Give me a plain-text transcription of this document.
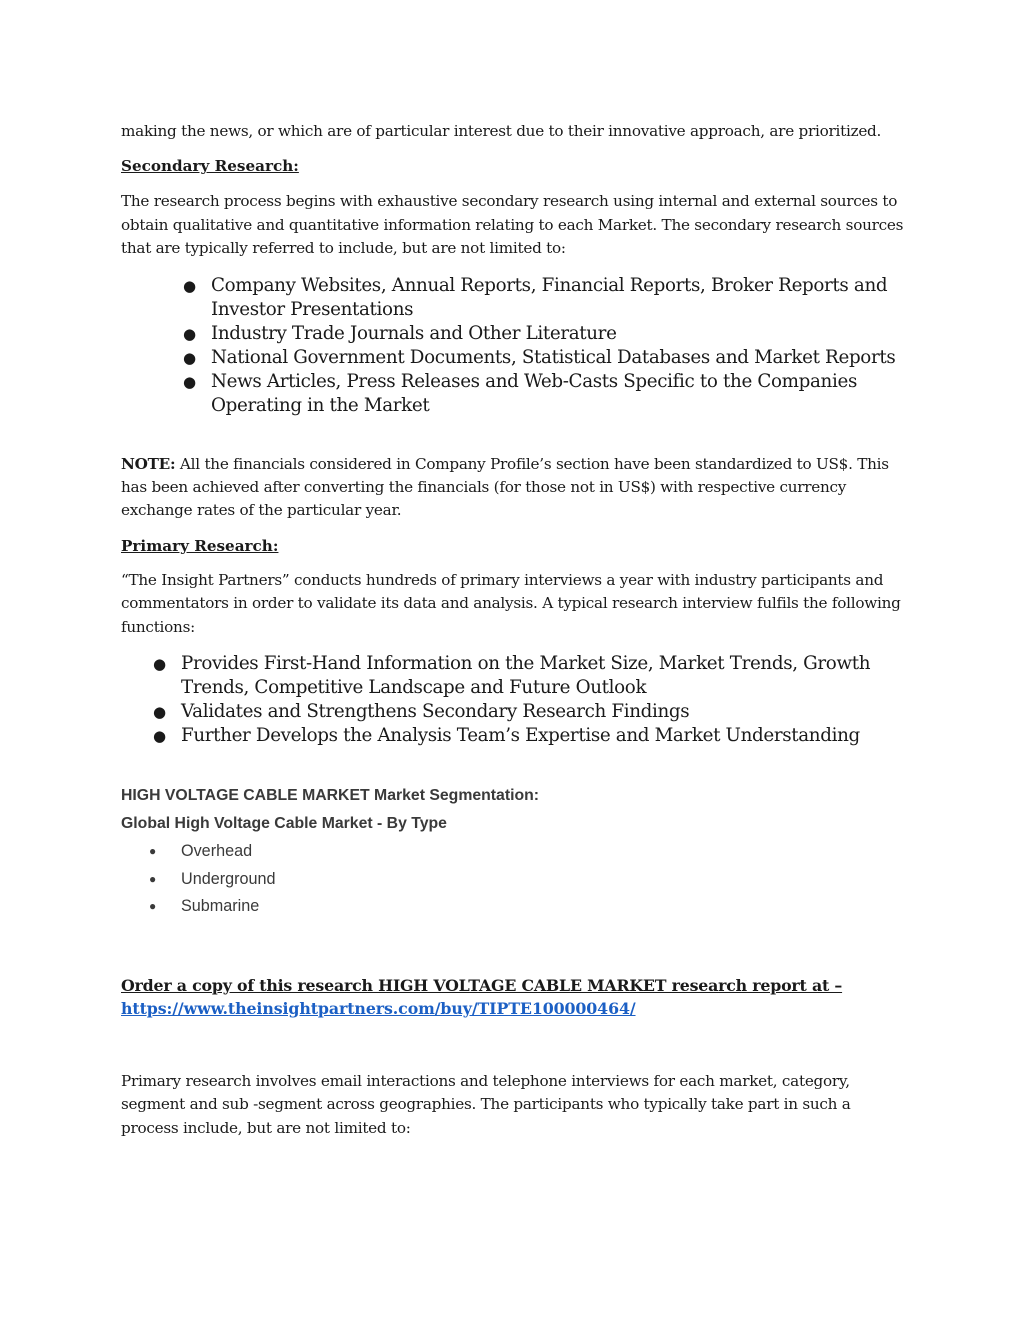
making the news, or which are of particular interest due to their innovative approach, are prioritized.

Secondary Research:

The research process begins with exhaustive secondary research using internal and external sources to obtain qualitative and quantitative information relating to each Market. The secondary research sources that are typically referred to include, but are not limited to:

● Company Websites, Annual Reports, Financial Reports, Broker Reports and Investor Presentations
● Industry Trade Journals and Other Literature
● National Government Documents, Statistical Databases and Market Reports
● News Articles, Press Releases and Web-Casts Specific to the Companies Operating in the Market

NOTE: All the financials considered in Company Profile’s section have been standardized to US$. This has been achieved after converting the financials (for those not in US$) with respective currency exchange rates of the particular year.

Primary Research:

“The Insight Partners” conducts hundreds of primary interviews a year with industry participants and commentators in order to validate its data and analysis. A typical research interview fulfils the following functions:

● Provides First-Hand Information on the Market Size, Market Trends, Growth Trends, Competitive Landscape and Future Outlook
● Validates and Strengthens Secondary Research Findings
● Further Develops the Analysis Team’s Expertise and Market Understanding

HIGH VOLTAGE CABLE MARKET Market Segmentation:

Global High Voltage Cable Market - By Type

● Overhead
● Underground
● Submarine

Order a copy of this research HIGH VOLTAGE CABLE MARKET research report at –

https://www.theinsightpartners.com/buy/TIPTE100000464/

Primary research involves email interactions and telephone interviews for each market, category, segment and sub -segment across geographies. The participants who typically take part in such a process include, but are not limited to:
